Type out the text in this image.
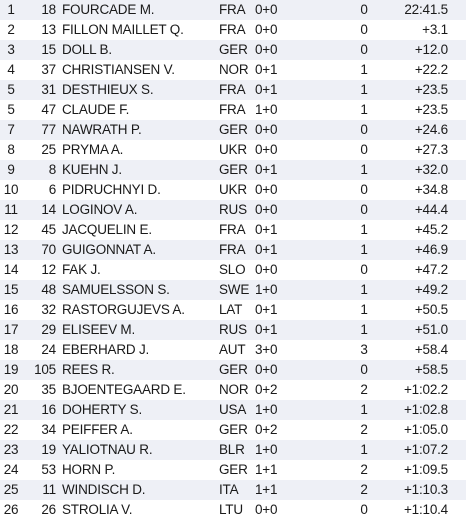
1	18 FOURCADE M.	FRA 0+0	0	22:41.5
2	13 FILLON MAILLET Q.	FRA 0+0	0	+3.1
3	15 DOLL B.	GER 0+0	0	+12.0
4	37 CHRISTIANSEN V.	NOR 0+1	1	+22.2
5	31 DESTHIEUX S.	FRA 0+1	1	+23.5
5	47 CLAUDE F.	FRA 1+0	1	+23.5
7	77 NAWRATH P.	GER 0+0	0	+24.6
8	25 PRYMA A.	UKR 0+0	0	+27.3
9	8 KUEHN J.	GER 0+1	1	+32.0
10	6 PIDRUCHNYI D.	UKR 0+0	0	+34.8
11	14 LOGINOV A.	RUS 0+0	0	+44.4
12	45 JACQUELIN E.	FRA 0+1	1	+45.2
13	70 GUIGONNAT A.	FRA 0+1	1	+46.9
14	12 FAK J.	SLO 0+0	0	+47.2
15	48 SAMUELSSON S.	SWE 1+0	1	+49.2
16	32 RASTORGUJEVS A.	LAT 0+1	1	+50.5
17	29 ELISEEV M.	RUS 0+1	1	+51.0
18	24 EBERHARD J.	AUT 3+0	3	+58.4
19	105 REES R.	GER 0+0	0	+58.5
20	35 BJOENTEGAARD E.	NOR 0+2	2	+1:02.2
21	16 DOHERTY S.	USA 1+0	1	+1:02.8
22	34 PEIFFER A.	GER 0+2	2	+1:05.0
23	19 YALIOTNAU R.	BLR 1+0	1	+1:07.2
24	53 HORN P.	GER 1+1	2	+1:09.5
25	11 WINDISCH D.	ITA	1+1	2	+1:10.3
26	26 STROLIA V.	LTU 0+0	0	+1:10.4
